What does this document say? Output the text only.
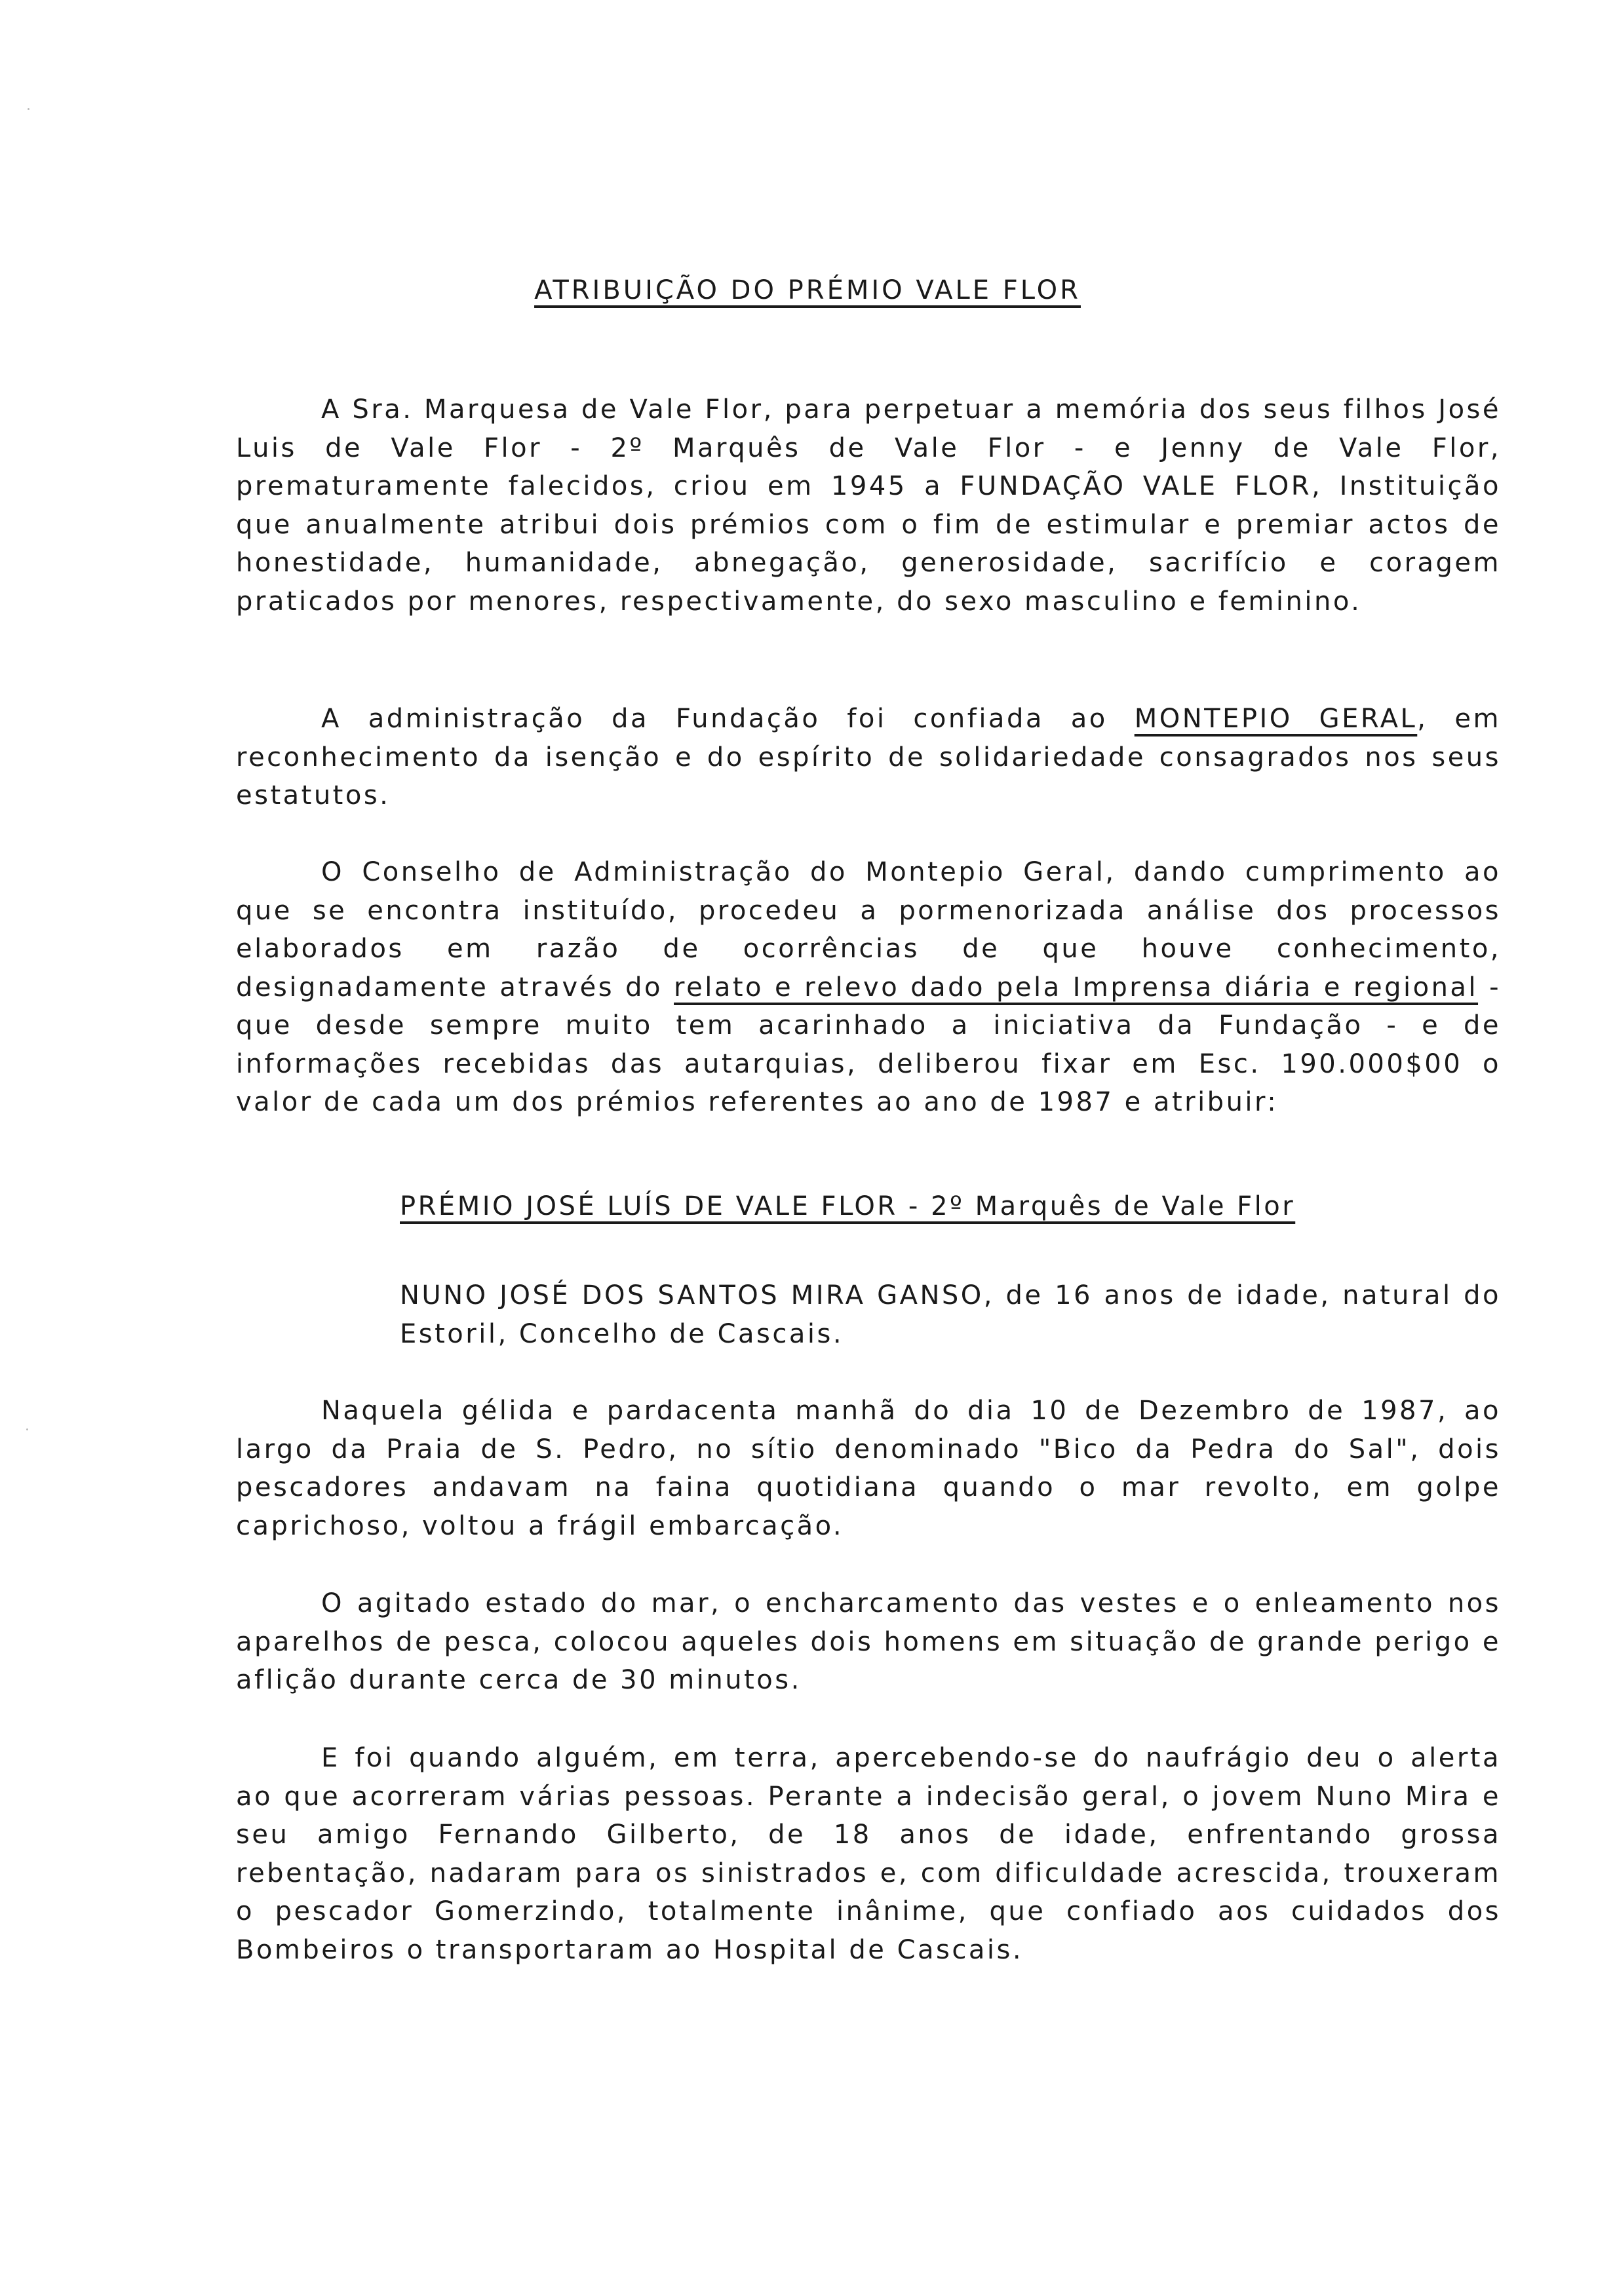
ATRIBUIÇÃO DO PRÉMIO VALE FLOR

A Sra. Marquesa de Vale Flor, para perpetuar a memória dos seus filhos José Luis de Vale Flor - 2º Marquês de Vale Flor - e Jenny de Vale Flor, prematuramente falecidos, criou em 1945 a FUNDAÇÃO VALE FLOR, Instituição que anualmente atribui dois prémios com o fim de estimular e premiar actos de honestidade, humanidade, abnegação, generosidade, sacrifício e coragem praticados por menores, respectivamente, do sexo masculino e feminino.

A administração da Fundação foi confiada ao MONTEPIO GERAL, em reconhecimento da isenção e do espírito de solidariedade consagrados nos seus estatutos.

O Conselho de Administração do Montepio Geral, dando cumprimento ao que se encontra instituído, procedeu a pormenorizada análise dos processos elaborados em razão de ocorrências de que houve conhecimento, designadamente através do relato e relevo dado pela Imprensa diária e regional - que desde sempre muito tem acarinhado a iniciativa da Fundação - e de informações recebidas das autarquias, deliberou fixar em Esc. 190.000$00 o valor de cada um dos prémios referentes ao ano de 1987 e atribuir:

PRÉMIO JOSÉ LUÍS DE VALE FLOR - 2º Marquês de Vale Flor

NUNO JOSÉ DOS SANTOS MIRA GANSO, de 16 anos de idade, natural do Estoril, Concelho de Cascais.

Naquela gélida e pardacenta manhã do dia 10 de Dezembro de 1987, ao largo da Praia de S. Pedro, no sítio denominado "Bico da Pedra do Sal", dois pescadores andavam na faina quotidiana quando o mar revolto, em golpe caprichoso, voltou a frágil embarcação.

O agitado estado do mar, o encharcamento das vestes e o enleamento nos aparelhos de pesca, colocou aqueles dois homens em situação de grande perigo e aflição durante cerca de 30 minutos.

E foi quando alguém, em terra, apercebendo-se do naufrágio deu o alerta ao que acorreram várias pessoas. Perante a indecisão geral, o jovem Nuno Mira e seu amigo Fernando Gilberto, de 18 anos de idade, enfrentando grossa rebentação, nadaram para os sinistrados e, com dificuldade acrescida, trouxeram o pescador Gomerzindo, totalmente inânime, que confiado aos cuidados dos Bombeiros o transportaram ao Hospital de Cascais.
